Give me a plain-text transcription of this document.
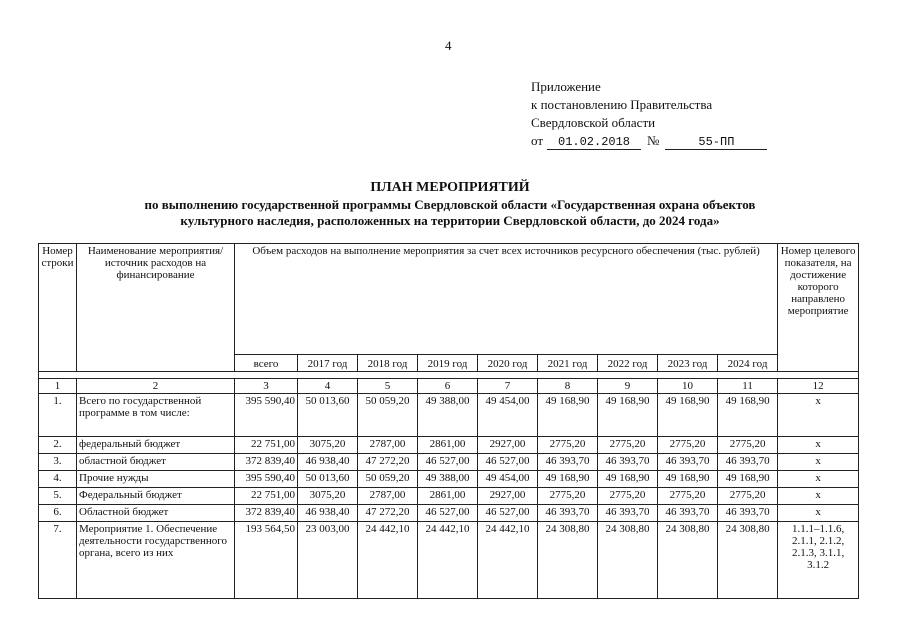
4
Приложение
к постановлению Правительства
Свердловской области
от	01.02.2018	№	55-ПП
ПЛАН МЕРОПРИЯТИЙ
по выполнению государственной программы Свердловской области «Государственная охрана объектов
культурного наследия, расположенных на территории Свердловской области, до 2024 года»
Номер строки	Наименование мероприятия/источник расходов на финансирование	Объем расходов на выполнение мероприятия за счет всех источников ресурсного обеспечения (тыс. рублей)									Номер целевого показателя, на достижение которого направлено мероприятие
		всего	2017 год	2018 год	2019 год	2020 год	2021 год	2022 год	2023 год	2024 год	

1	2	3	4	5	6	7	8	9	10	11	12
1.	Всего по государственной программе в том числе:	395 590,40	50 013,60	50 059,20	49 388,00	49 454,00	49 168,90	49 168,90	49 168,90	49 168,90	x
2.	федеральный бюджет	22 751,00	3075,20	2787,00	2861,00	2927,00	2775,20	2775,20	2775,20	2775,20	x
3.	областной бюджет	372 839,40	46 938,40	47 272,20	46 527,00	46 527,00	46 393,70	46 393,70	46 393,70	46 393,70	x
4.	Прочие нужды	395 590,40	50 013,60	50 059,20	49 388,00	49 454,00	49 168,90	49 168,90	49 168,90	49 168,90	x
5.	Федеральный бюджет	22 751,00	3075,20	2787,00	2861,00	2927,00	2775,20	2775,20	2775,20	2775,20	x
6.	Областной бюджет	372 839,40	46 938,40	47 272,20	46 527,00	46 527,00	46 393,70	46 393,70	46 393,70	46 393,70	x
7.	Мероприятие 1. Обеспечение деятельности государственного органа, всего из них	193 564,50	23 003,00	24 442,10	24 442,10	24 442,10	24 308,80	24 308,80	24 308,80	24 308,80	1.1.1–1.1.6, 2.1.1, 2.1.2, 2.1.3, 3.1.1, 3.1.2
